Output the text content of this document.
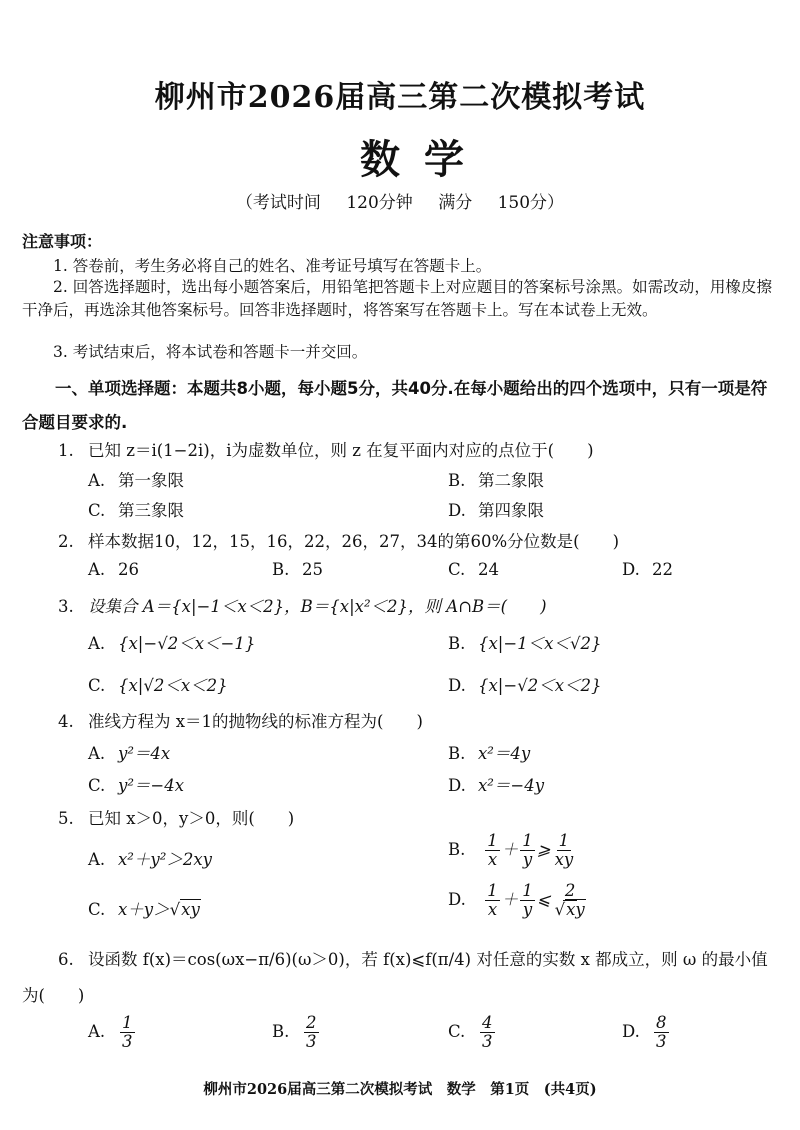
柳州市2026届高三第二次模拟考试
数学
（考试时间 120分钟 满分 150分）
注意事项：
1. 答卷前，考生务必将自己的姓名、准考证号填写在答题卡上。
2. 回答选择题时，选出每小题答案后，用铅笔把答题卡上对应题目的答案标号涂黑。如需改动，用橡皮擦干净后，再选涂其他答案标号。回答非选择题时，将答案写在答题卡上。写在本试卷上无效。
3. 考试结束后，将本试卷和答题卡一并交回。
一、单项选择题：本题共8小题，每小题5分，共40分.在每小题给出的四个选项中，只有一项是符合题目要求的.
1. 已知 z＝i(1−2i)，i为虚数单位，则 z 在复平面内对应的点位于(　　)
A. 第一象限	B. 第二象限
C. 第三象限	D. 第四象限
2. 样本数据10，12，15，16，22，26，27，34的第60%分位数是(　　)
A. 26	B. 25	C. 24	D. 22
3. 设集合 A＝{x|−1＜x＜2}，B＝{x|x²＜2}，则 A∩B＝(　　)
A. {x|−√2＜x＜−1}	B. {x|−1＜x＜√2}
C. {x|√2＜x＜2}	D. {x|−√2＜x＜2}
4. 准线方程为 x＝1的抛物线的标准方程为(　　)
A. y²＝4x	B. x²＝4y
C. y²＝−4x	D. x²＝−4y
5. 已知 x＞0，y＞0，则(　　)
A. x²＋y²＞2xy
B. $\frac{1}{x} + \frac{1}{y}$ ⩾ $\frac{1}{xy}$
C. x＋y＞√xy
D. $\frac{1}{x} + \frac{1}{y}$ ⩽ $\frac{2}{√xy}$
6. 设函数 f(x)＝cos(ωx−π/6)(ω＞0)，若 f(x)⩽f(π/4) 对任意的实数 x 都成立，则 ω 的最小值
为(　　)
A. $\frac{1}{3}$	B. $\frac{2}{3}$	C. $\frac{4}{3}$	D. $\frac{8}{3}$
柳州市2026届高三第二次模拟考试　数学　第1页　(共4页)
